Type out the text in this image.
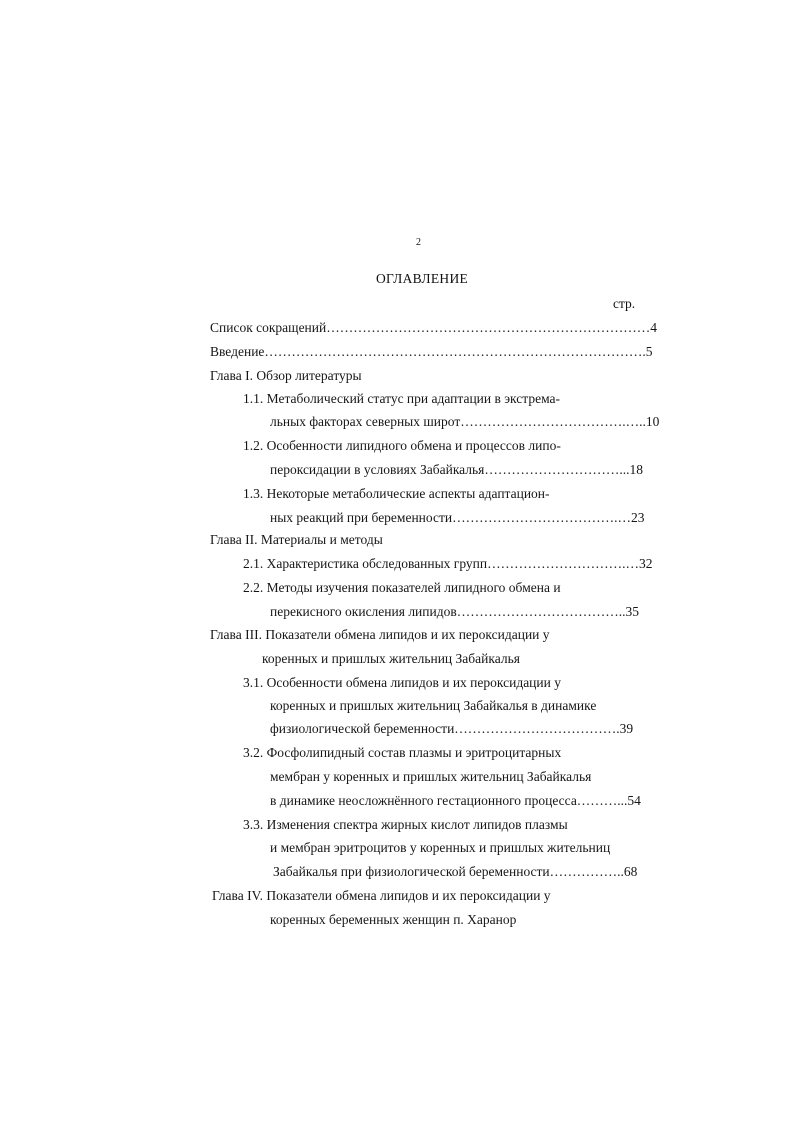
2
ОГЛАВЛЕНИЕ
стр.
Список сокращений………………………………………………………………4
Введение………………………………………………………………………….5
Глава I. Обзор литературы
1.1. Метаболический статус при адаптации в экстрема-
льных факторах северных широт……………………………….…..10
1.2. Особенности липидного обмена и процессов липо-
пероксидации в условиях Забайкалья…………………………...18
1.3. Некоторые метаболические аспекты адаптацион-
ных реакций при беременности……………………………….…23
Глава II. Материалы и методы
2.1. Характеристика обследованных групп………………………….…32
2.2. Методы изучения показателей липидного обмена и
перекисного окисления липидов………………………………..35
Глава III. Показатели обмена липидов и их пероксидации у
коренных и пришлых жительниц Забайкалья
3.1. Особенности обмена липидов и их пероксидации у
коренных и пришлых жительниц Забайкалья в динамике
физиологической беременности……………………………….39
3.2. Фосфолипидный состав плазмы и эритроцитарных
мембран у коренных и пришлых жительниц Забайкалья
в динамике неосложнённого гестационного процесса………...54
3.3. Изменения спектра жирных кислот липидов плазмы
и мембран эритроцитов у коренных и пришлых жительниц
Забайкалья при физиологической беременности……………..68
Глава IV. Показатели обмена липидов и их пероксидации у
коренных беременных женщин п. Харанор
